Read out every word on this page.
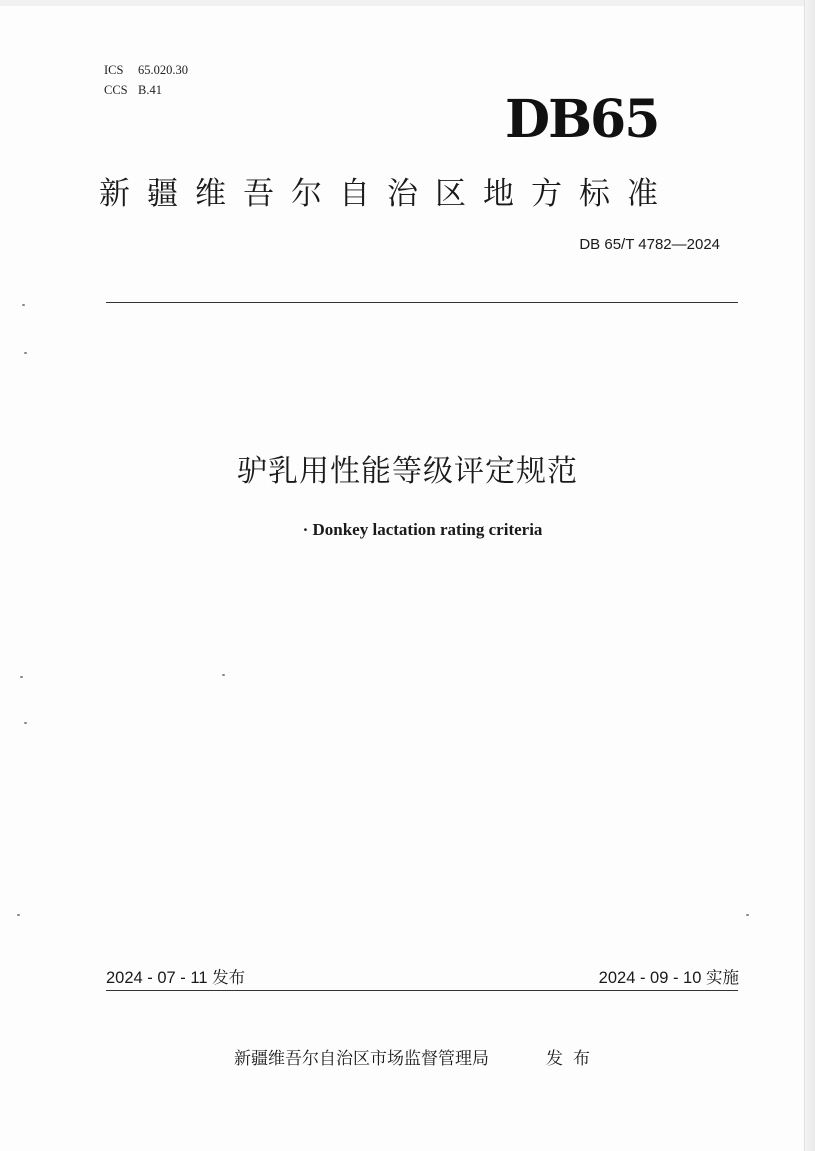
ICS 65.020.30
CCS B.41	DB65
新疆维吾尔自治区地方标准
DB 65/T 4782—2024
驴乳用性能等级评定规范
· Donkey lactation rating criteria
2024 - 07 - 11 发布	2024 - 09 - 10 实施
新疆维吾尔自治区市场监督管理局	发布
